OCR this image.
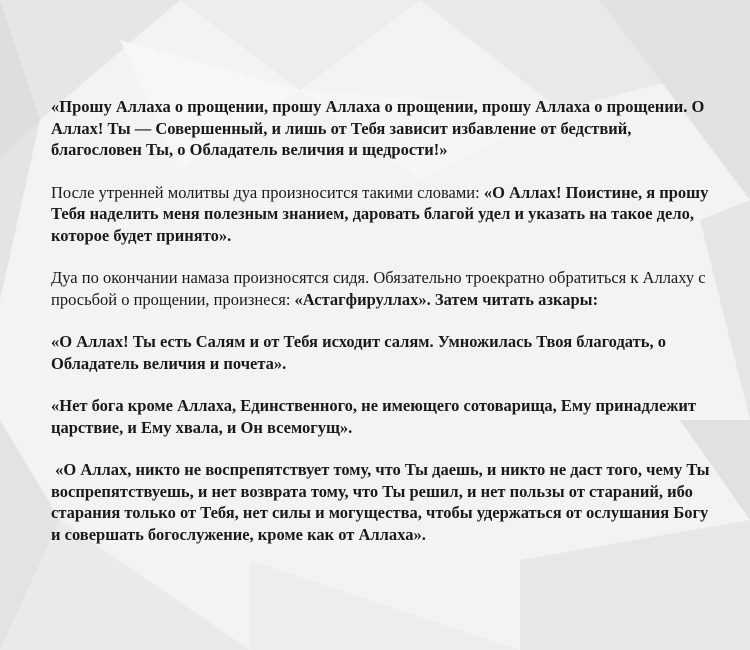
«Прошу Аллаха о прощении, прошу Аллаха о прощении, прошу Аллаха о прощении. О Аллах! Ты — Совершенный, и лишь от Тебя зависит избавление от бедствий, благословен Ты, о Обладатель величия и щедрости!»

После утренней молитвы дуа произносится такими словами: «О Аллах! Поистине, я прошу Тебя наделить меня полезным знанием, даровать благой удел и указать на такое дело, которое будет принято».

Дуа по окончании намаза произносятся сидя. Обязательно троекратно обратиться к Аллаху с просьбой о прощении, произнеся: «Астагфируллах». Затем читать азкары:

«О Аллах! Ты есть Салям и от Тебя исходит салям. Умножилась Твоя благодать, о Обладатель величия и почета».

«Нет бога кроме Аллаха, Единственного, не имеющего сотоварища, Ему принадлежит царствие, и Ему хвала, и Он всемогущ».

«О Аллах, никто не воспрепятствует тому, что Ты даешь, и никто не даст того, чему Ты воспрепятствуешь, и нет возврата тому, что Ты решил, и нет пользы от стараний, ибо старания только от Тебя, нет силы и могущества, чтобы удержаться от ослушания Богу и совершать богослужение, кроме как от Аллаха».
